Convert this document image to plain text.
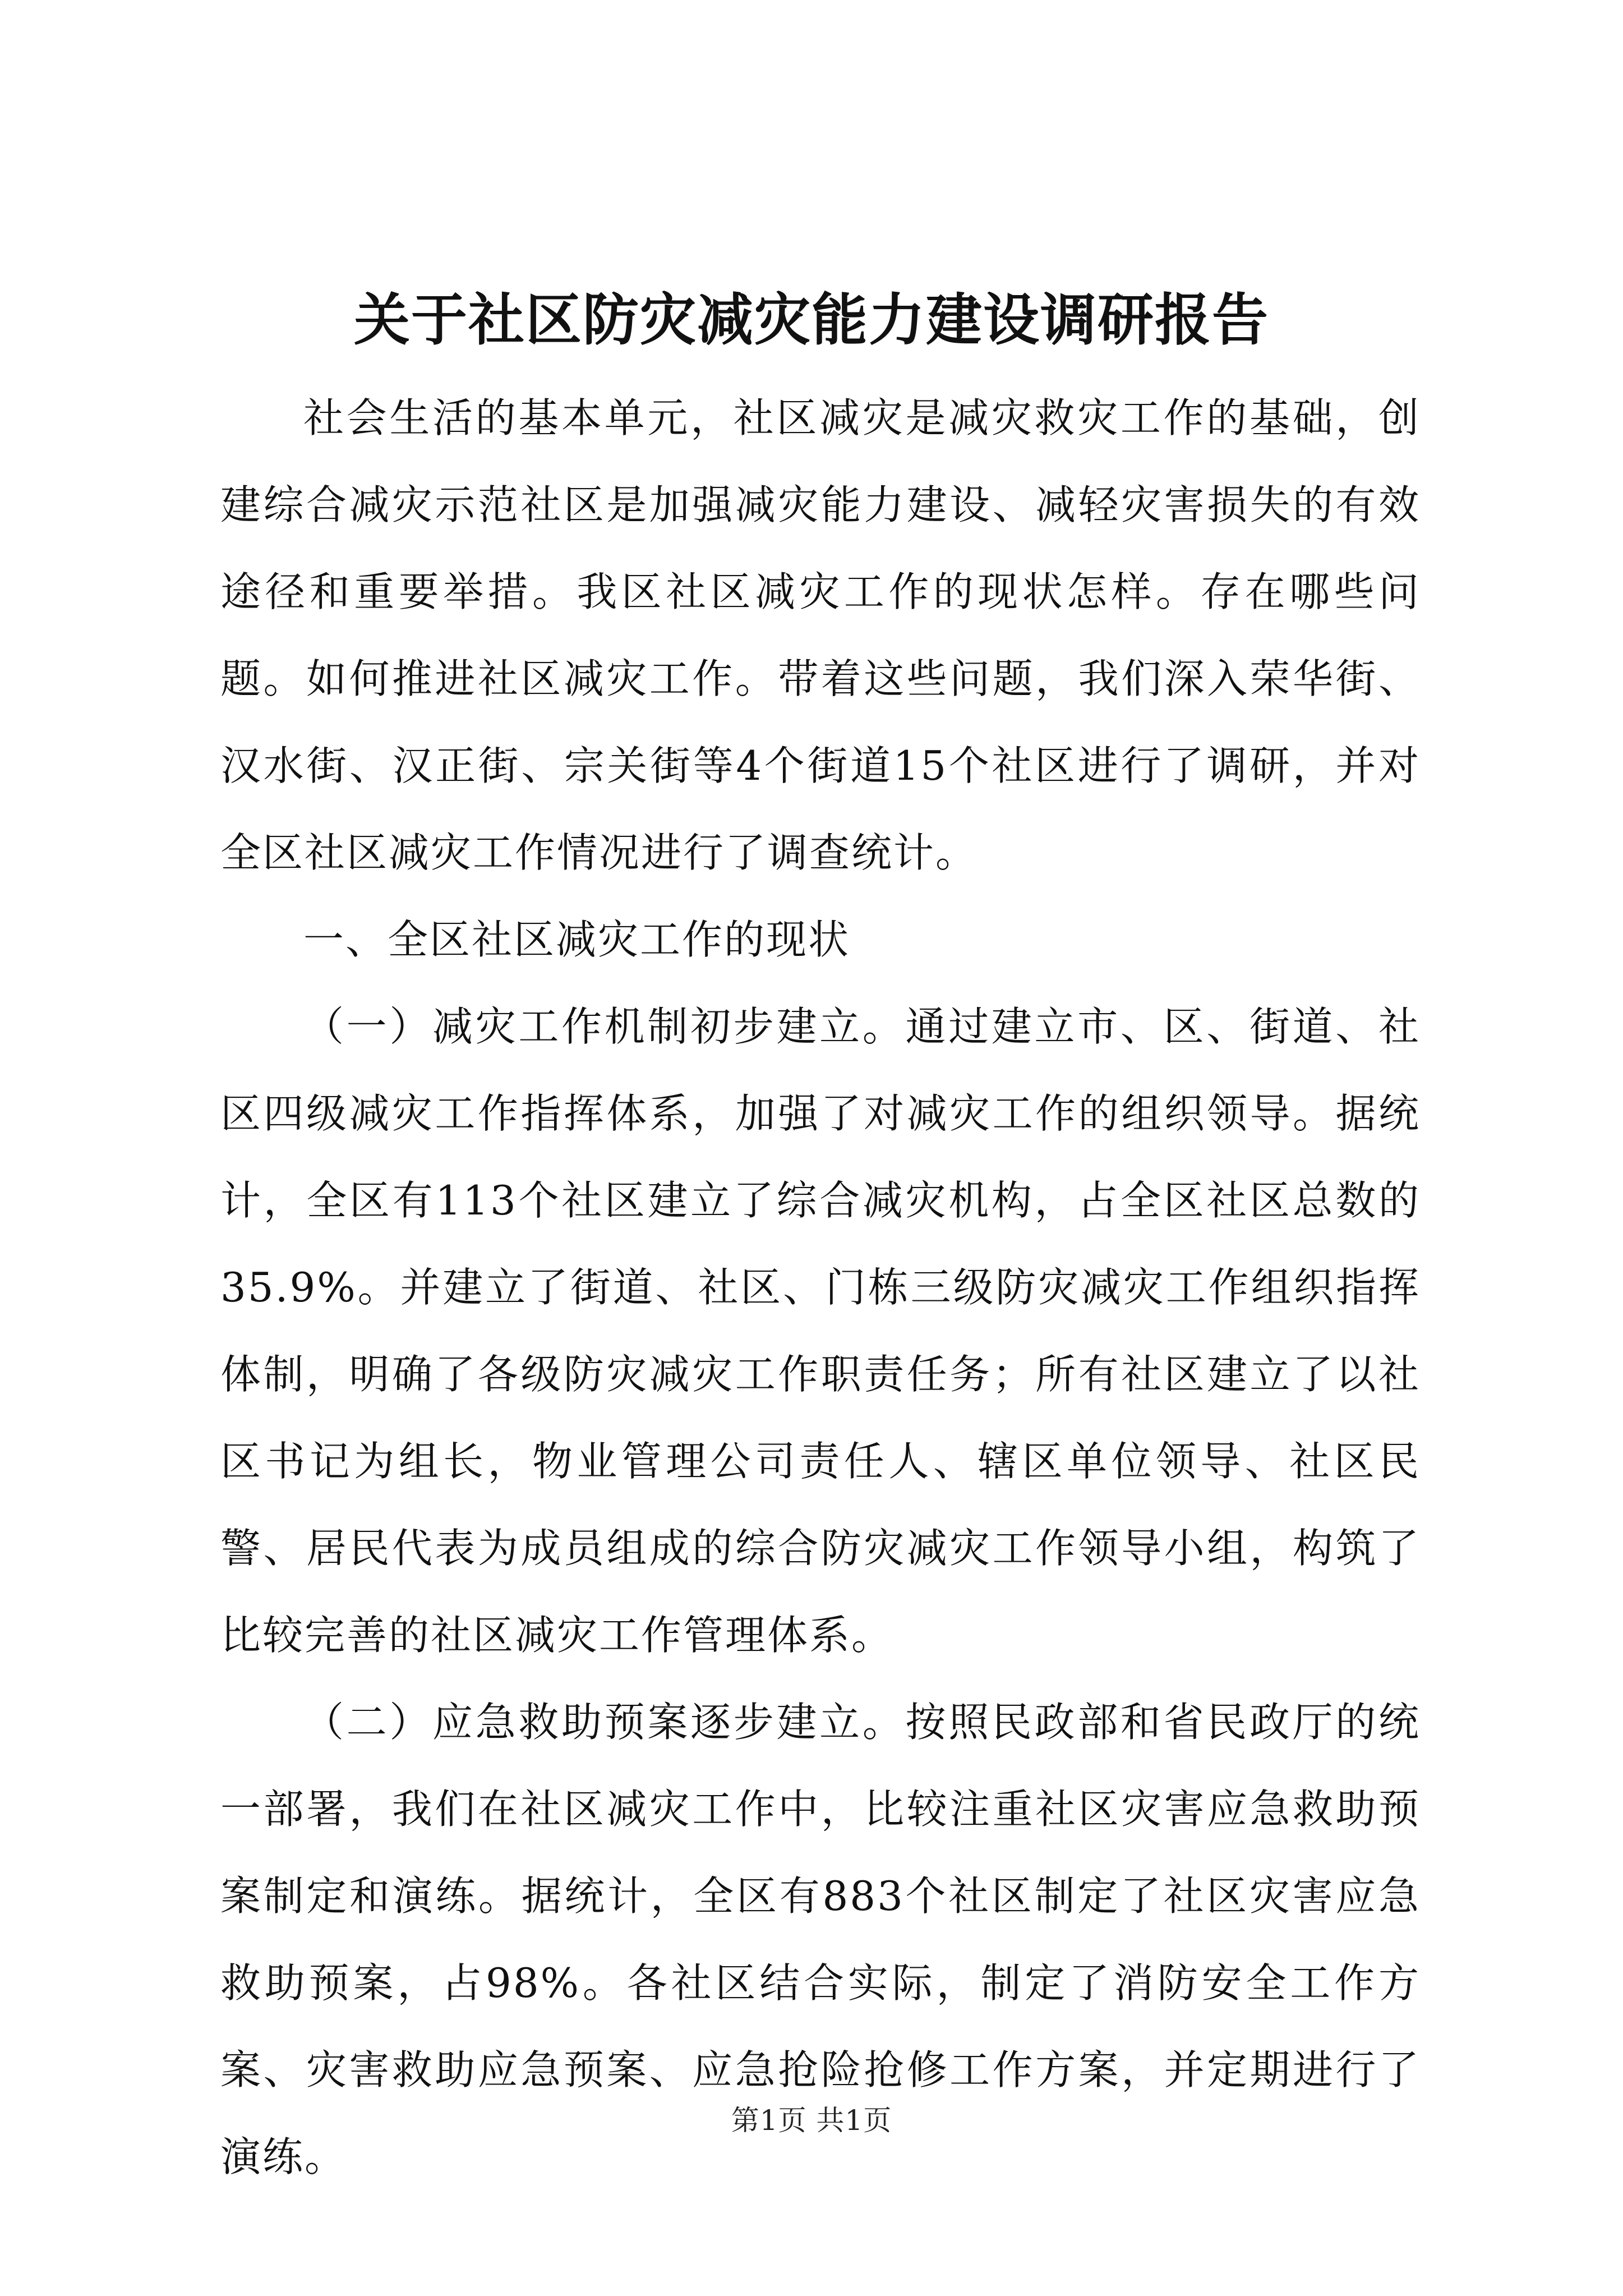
关于社区防灾减灾能力建设调研报告

社会生活的基本单元，社区减灾是减灾救灾工作的基础，创建综合减灾示范社区是加强减灾能力建设、减轻灾害损失的有效途径和重要举措。我区社区减灾工作的现状怎样。存在哪些问题。如何推进社区减灾工作。带着这些问题，我们深入荣华街、汉水街、汉正街、宗关街等4个街道15个社区进行了调研，并对全区社区减灾工作情况进行了调查统计。

一、全区社区减灾工作的现状

（一）减灾工作机制初步建立。通过建立市、区、街道、社区四级减灾工作指挥体系，加强了对减灾工作的组织领导。据统计，全区有113个社区建立了综合减灾机构，占全区社区总数的35.9%。并建立了街道、社区、门栋三级防灾减灾工作组织指挥体制，明确了各级防灾减灾工作职责任务；所有社区建立了以社区书记为组长，物业管理公司责任人、辖区单位领导、社区民警、居民代表为成员组成的综合防灾减灾工作领导小组，构筑了比较完善的社区减灾工作管理体系。

（二）应急救助预案逐步建立。按照民政部和省民政厅的统一部署，我们在社区减灾工作中，比较注重社区灾害应急救助预案制定和演练。据统计，全区有883个社区制定了社区灾害应急救助预案，占98%。各社区结合实际，制定了消防安全工作方案、灾害救助应急预案、应急抢险抢修工作方案，并定期进行了演练。

第1页 共1页
